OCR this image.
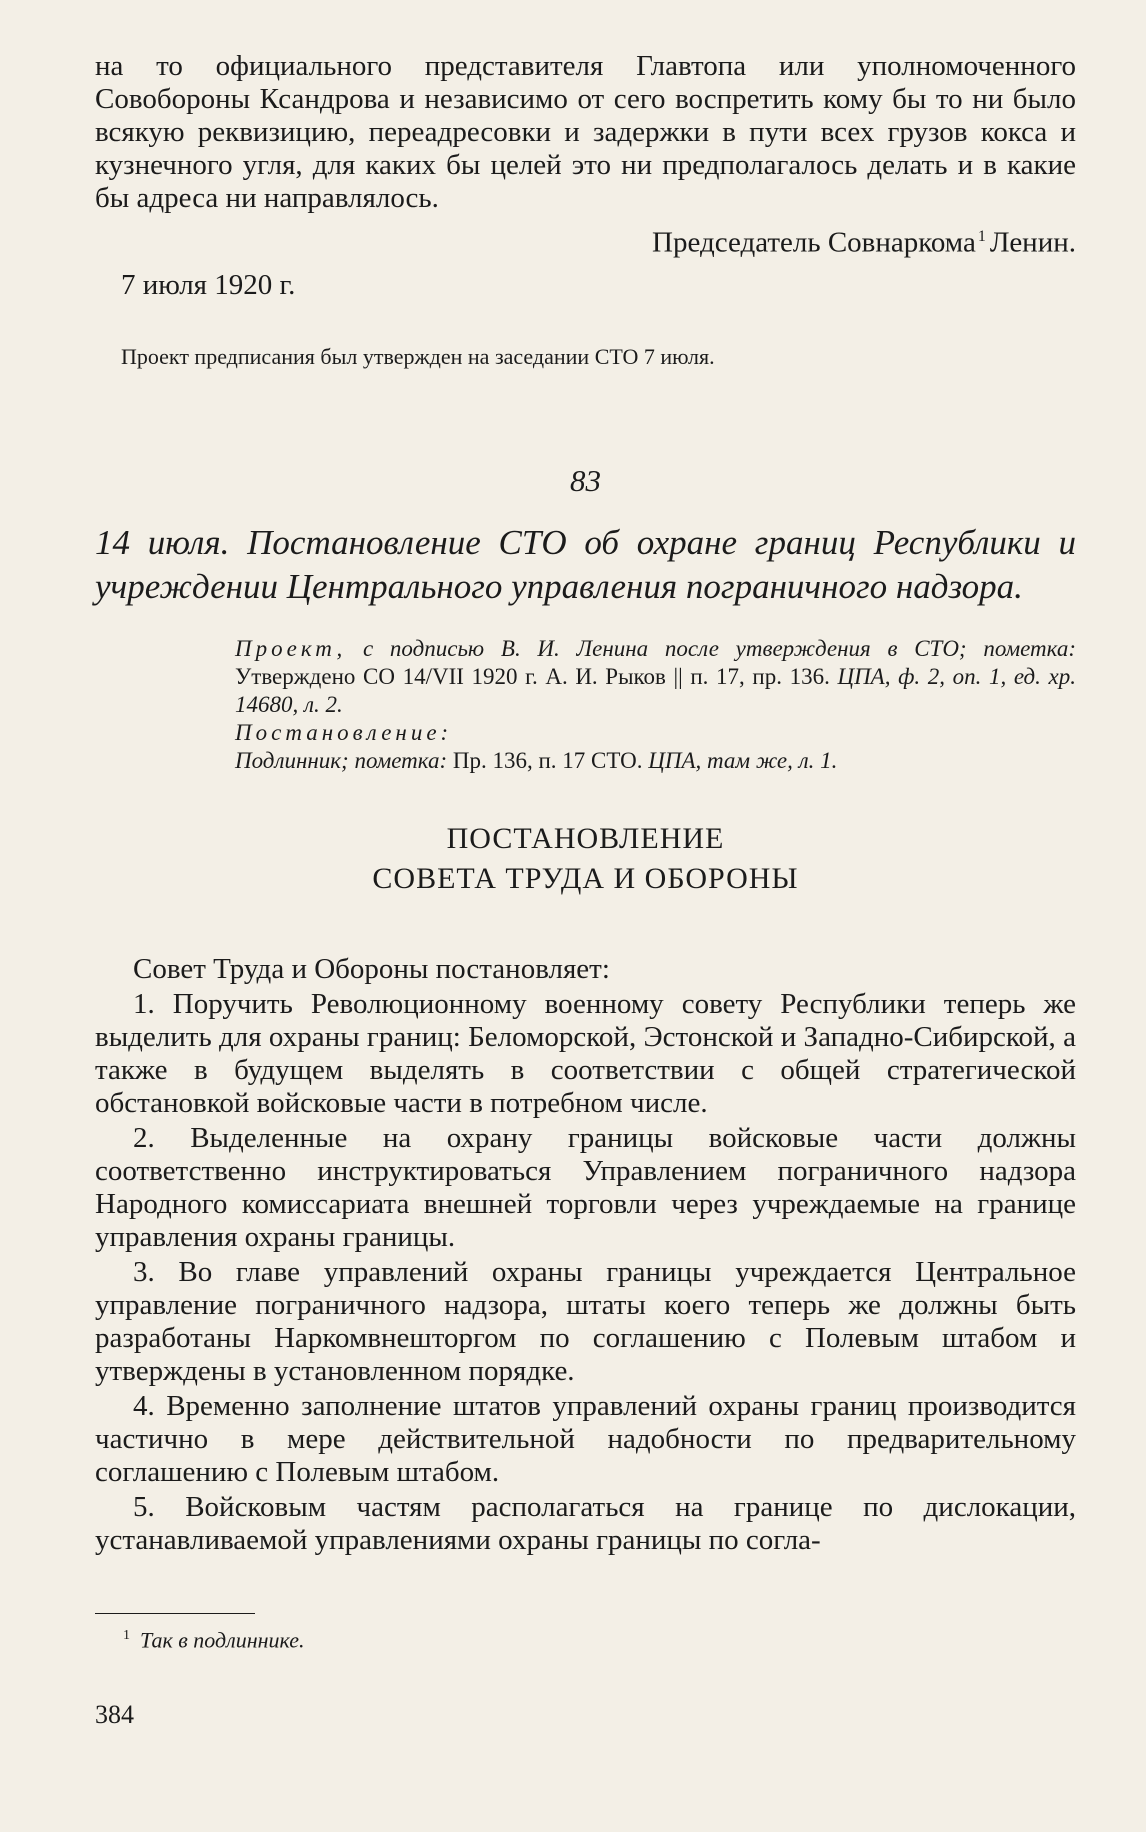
на то официального представителя Главтопа или уполномоченного Совобороны Ксандрова и независимо от сего воспретить кому бы то ни было всякую реквизицию, переадресовки и задержки в пути всех грузов кокса и кузнечного угля, для каких бы целей это ни предполагалось делать и в какие бы адреса ни направлялось.

Председатель Совнаркома $^1$ Ленин.

7 июля 1920 г.

Проект предписания был утвержден на заседании СТО 7 июля.

83

14 июля. Постановление СТО об охране границ Республики и учреждении Центрального управления пограничного надзора.

Проект, с подписью В. И. Ленина после утверждения в СТО; пометка: Утверждено СО 14/VII 1920 г. А. И. Рыков || п. 17, пр. 136. ЦПА, ф. 2, оп. 1, ед. хр. 14680, л. 2.

Постановление:

Подлинник; пометка: Пр. 136, п. 17 СТО. ЦПА, там же, л. 1.

ПОСТАНОВЛЕНИЕ
СОВЕТА ТРУДА И ОБОРОНЫ

Совет Труда и Обороны постановляет:

1. Поручить Революционному военному совету Республики теперь же выделить для охраны границ: Беломорской, Эстонской и Западно-Сибирской, а также в будущем выделять в соответствии с общей стратегической обстановкой войсковые части в потребном числе.

2. Выделенные на охрану границы войсковые части должны соответственно инструктироваться Управлением пограничного надзора Народного комиссариата внешней торговли через учреждаемые на границе управления охраны границы.

3. Во главе управлений охраны границы учреждается Центральное управление пограничного надзора, штаты коего теперь же должны быть разработаны Наркомвнешторгом по соглашению с Полевым штабом и утверждены в установленном порядке.

4. Временно заполнение штатов управлений охраны границ производится частично в мере действительной надобности по предварительному соглашению с Полевым штабом.

5. Войсковым частям располагаться на границе по дислокации, устанавливаемой управлениями охраны границы по согла-

$^1$ Так в подлиннике.

384
